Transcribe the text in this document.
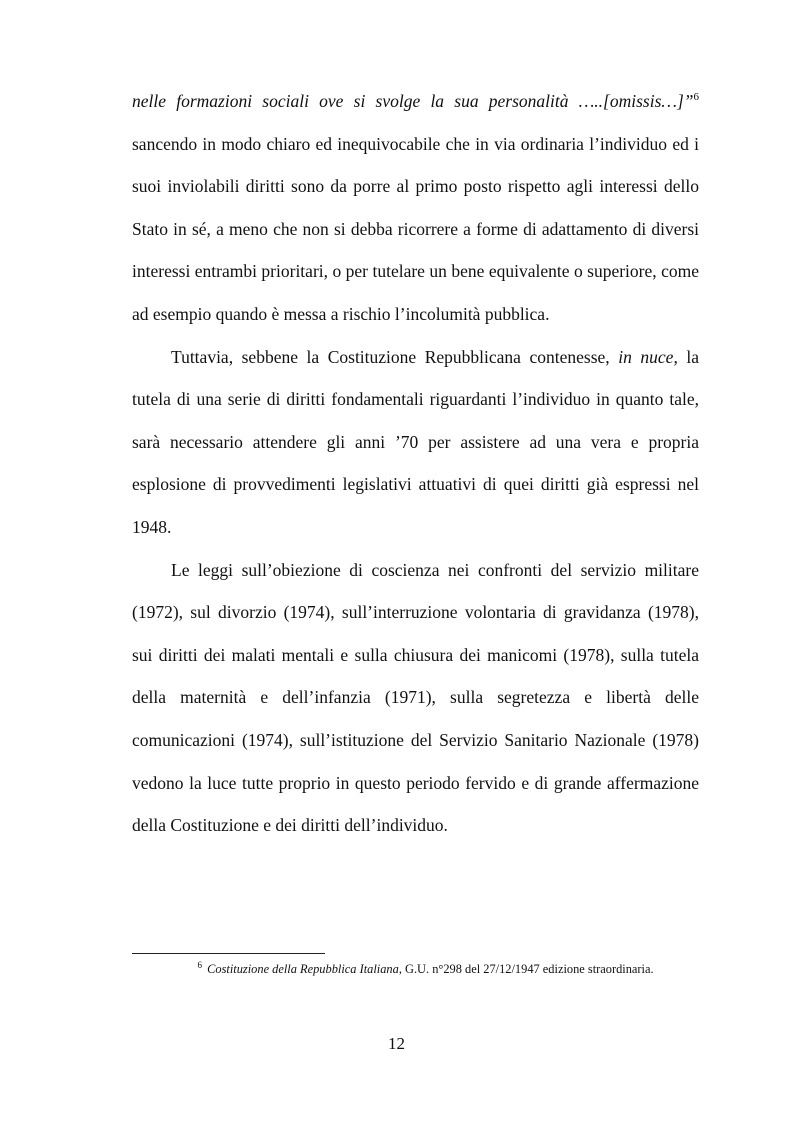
nelle formazioni sociali ove si svolge la sua personalità …..[omissis…]”$^6$ sancendo in modo chiaro ed inequivocabile che in via ordinaria l’individuo ed i suoi inviolabili diritti sono da porre al primo posto rispetto agli interessi dello Stato in sé, a meno che non si debba ricorrere a forme di adattamento di diversi interessi entrambi prioritari, o per tutelare un bene equivalente o superiore, come ad esempio quando è messa a rischio l’incolumità pubblica.

Tuttavia, sebbene la Costituzione Repubblicana contenesse, in nuce, la tutela di una serie di diritti fondamentali riguardanti l’individuo in quanto tale, sarà necessario attendere gli anni ’70 per assistere ad una vera e propria esplosione di provvedimenti legislativi attuativi di quei diritti già espressi nel 1948.

Le leggi sull’obiezione di coscienza nei confronti del servizio militare (1972), sul divorzio (1974), sull’interruzione volontaria di gravidanza (1978), sui diritti dei malati mentali e sulla chiusura dei manicomi (1978), sulla tutela della maternità e dell’infanzia (1971), sulla segretezza e libertà delle comunicazioni (1974), sull’istituzione del Servizio Sanitario Nazionale (1978) vedono la luce tutte proprio in questo periodo fervido e di grande affermazione della Costituzione e dei diritti dell’individuo.

$^6$ Costituzione della Repubblica Italiana, G.U. n°298 del 27/12/1947 edizione straordinaria.
12
